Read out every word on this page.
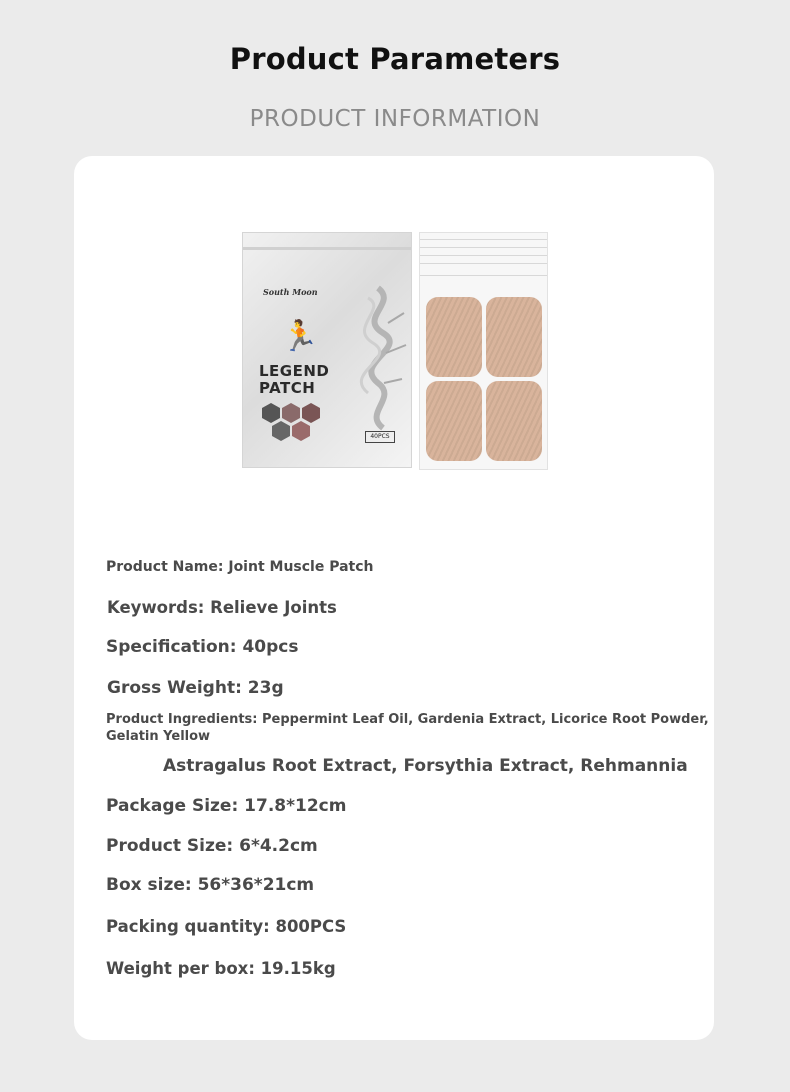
Product Parameters
PRODUCT INFORMATION
South Moon
🏃
LEGEND
PATCH
40PCS
Product Name: Joint Muscle Patch
Keywords: Relieve Joints
Specification: 40pcs
Gross Weight: 23g
Product Ingredients: Peppermint Leaf Oil, Gardenia Extract, Licorice Root Powder, Gelatin Yellow
Astragalus Root Extract, Forsythia Extract, Rehmannia
Package Size: 17.8*12cm
Product Size: 6*4.2cm
Box size: 56*36*21cm
Packing quantity: 800PCS
Weight per box: 19.15kg
